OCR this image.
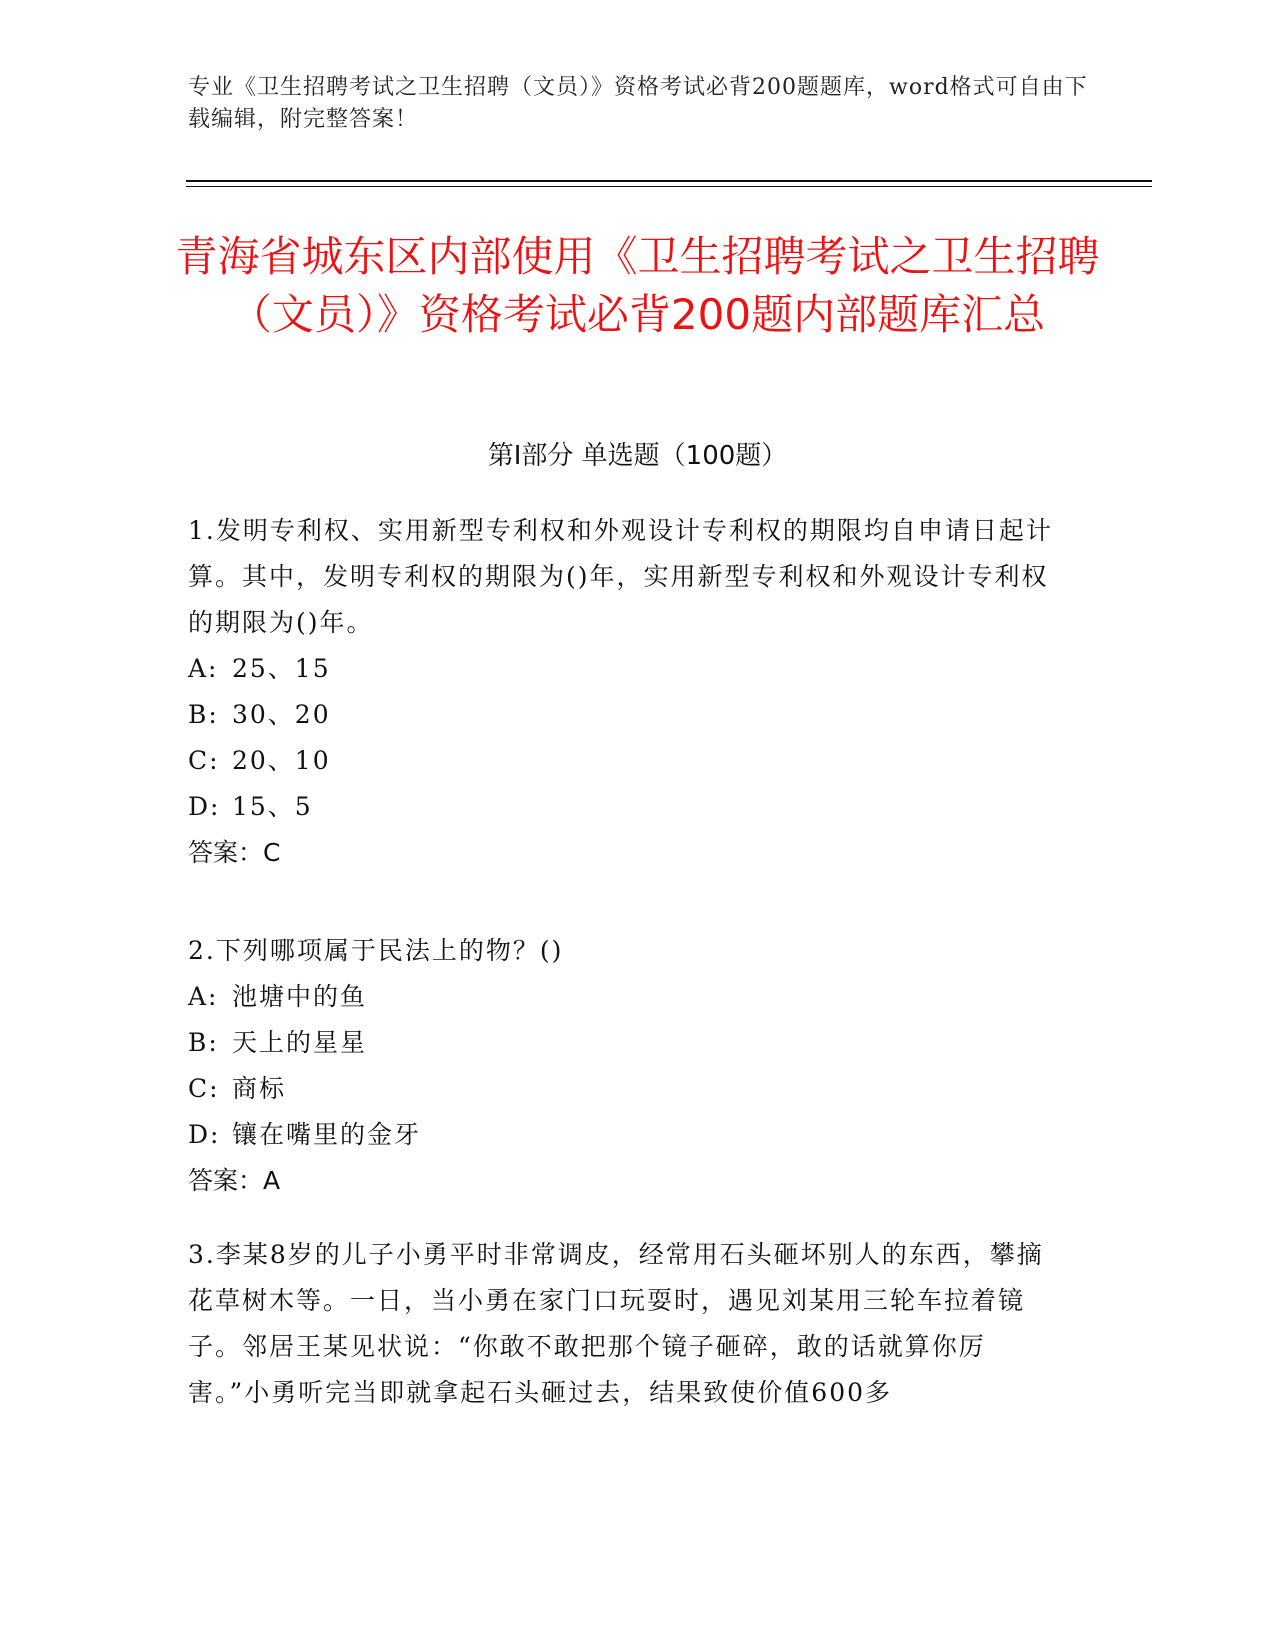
专业《卫生招聘考试之卫生招聘（文员）》资格考试必背200题题库，word格式可自由下载编辑，附完整答案！
青海省城东区内部使用《卫生招聘考试之卫生招聘（文员）》资格考试必背200题内部题库汇总
第Ⅰ部分 单选题（100题）

1.发明专利权、实用新型专利权和外观设计专利权的期限均自申请日起计算。其中，发明专利权的期限为()年，实用新型专利权和外观设计专利权的期限为()年。

A: 25、15

B: 30、20

C: 20、10

D: 15、5

答案：C

2.下列哪项属于民法上的物？()

A: 池塘中的鱼

B: 天上的星星

C: 商标

D: 镶在嘴里的金牙

答案：A

3.李某8岁的儿子小勇平时非常调皮，经常用石头砸坏别人的东西，攀摘花草树木等。一日，当小勇在家门口玩耍时，遇见刘某用三轮车拉着镜子。邻居王某见状说：“你敢不敢把那个镜子砸碎，敢的话就算你厉害。”小勇听完当即就拿起石头砸过去，结果致使价值600多
